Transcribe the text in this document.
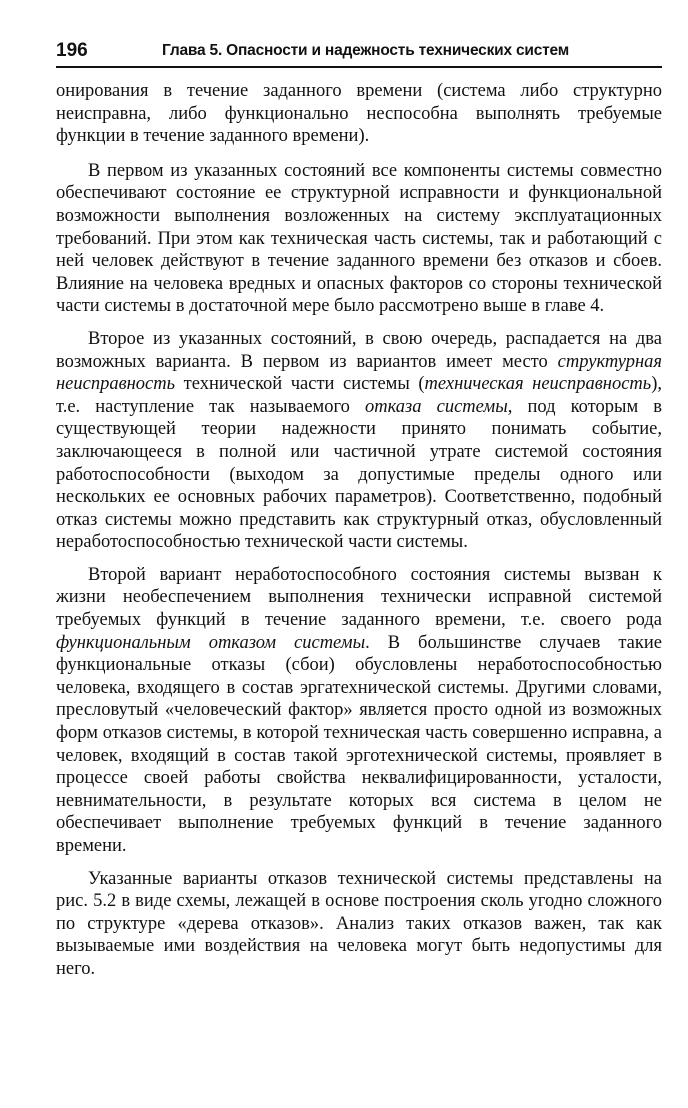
196	Глава 5. Опасности и надежность технических систем

онирования в течение заданного времени (система либо структурно неисправна, либо функционально неспособна выполнять требуемые функции в течение заданного времени).

В первом из указанных состояний все компоненты системы совместно обеспечивают состояние ее структурной исправности и функциональной возможности выполнения возложенных на систему эксплуатационных требований. При этом как техническая часть системы, так и работающий с ней человек действуют в течение заданного времени без отказов и сбоев. Влияние на человека вредных и опасных факторов со стороны технической части системы в достаточной мере было рассмотрено выше в главе 4.

Второе из указанных состояний, в свою очередь, распадается на два возможных варианта. В первом из вариантов имеет место структурная неисправность технической части системы (техническая неисправность), т.е. наступление так называемого отказа системы, под которым в существующей теории надежности принято понимать событие, заключающееся в полной или частичной утрате системой состояния работоспособности (выходом за допустимые пределы одного или нескольких ее основных рабочих параметров). Соответственно, подобный отказ системы можно представить как структурный отказ, обусловленный неработоспособностью технической части системы.

Второй вариант неработоспособного состояния системы вызван к жизни необеспечением выполнения технически исправной системой требуемых функций в течение заданного времени, т.е. своего рода функциональным отказом системы. В большинстве случаев такие функциональные отказы (сбои) обусловлены неработоспособностью человека, входящего в состав эргатехнической системы. Другими словами, пресловутый «человеческий фактор» является просто одной из возможных форм отказов системы, в которой техническая часть совершенно исправна, а человек, входящий в состав такой эрготехнической системы, проявляет в процессе своей работы свойства неквалифицированности, усталости, невнимательности, в результате которых вся система в целом не обеспечивает выполнение требуемых функций в течение заданного времени.

Указанные варианты отказов технической системы представлены на рис. 5.2 в виде схемы, лежащей в основе построения сколь угодно сложного по структуре «дерева отказов». Анализ таких отказов важен, так как вызываемые ими воздействия на человека могут быть недопустимы для него.
